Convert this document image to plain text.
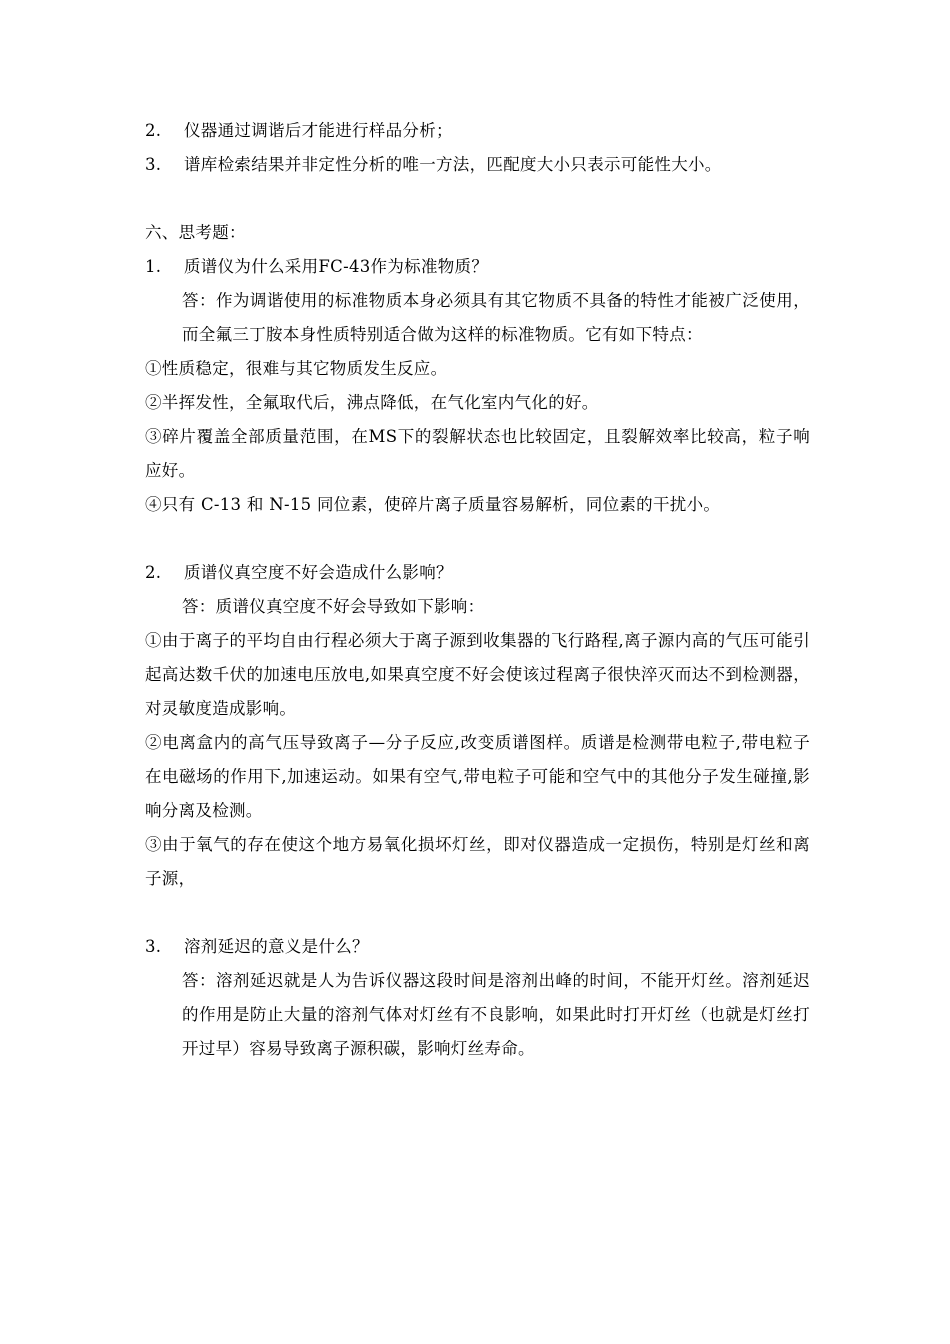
2. 仪器通过调谐后才能进行样品分析；
3. 谱库检索结果并非定性分析的唯一方法，匹配度大小只表示可能性大小。
六、思考题：
1. 质谱仪为什么采用FC-43作为标准物质？
答：作为调谐使用的标准物质本身必须具有其它物质不具备的特性才能被广泛使用，而全氟三丁胺本身性质特别适合做为这样的标准物质。它有如下特点：
①性质稳定，很难与其它物质发生反应。
②半挥发性，全氟取代后，沸点降低，在气化室内气化的好。
③碎片覆盖全部质量范围，在MS下的裂解状态也比较固定，且裂解效率比较高，粒子响应好。
④只有 C-13 和 N-15 同位素，使碎片离子质量容易解析，同位素的干扰小。
2. 质谱仪真空度不好会造成什么影响？
答：质谱仪真空度不好会导致如下影响：
①由于离子的平均自由行程必须大于离子源到收集器的飞行路程,离子源内高的气压可能引起高达数千伏的加速电压放电,如果真空度不好会使该过程离子很快淬灭而达不到检测器，对灵敏度造成影响。
②电离盒内的高气压导致离子—分子反应,改变质谱图样。质谱是检测带电粒子,带电粒子在电磁场的作用下,加速运动。如果有空气,带电粒子可能和空气中的其他分子发生碰撞,影响分离及检测。
③由于氧气的存在使这个地方易氧化损坏灯丝，即对仪器造成一定损伤，特别是灯丝和离子源，
3. 溶剂延迟的意义是什么？
答：溶剂延迟就是人为告诉仪器这段时间是溶剂出峰的时间，不能开灯丝。溶剂延迟的作用是防止大量的溶剂气体对灯丝有不良影响，如果此时打开灯丝（也就是灯丝打开过早）容易导致离子源积碳，影响灯丝寿命。
